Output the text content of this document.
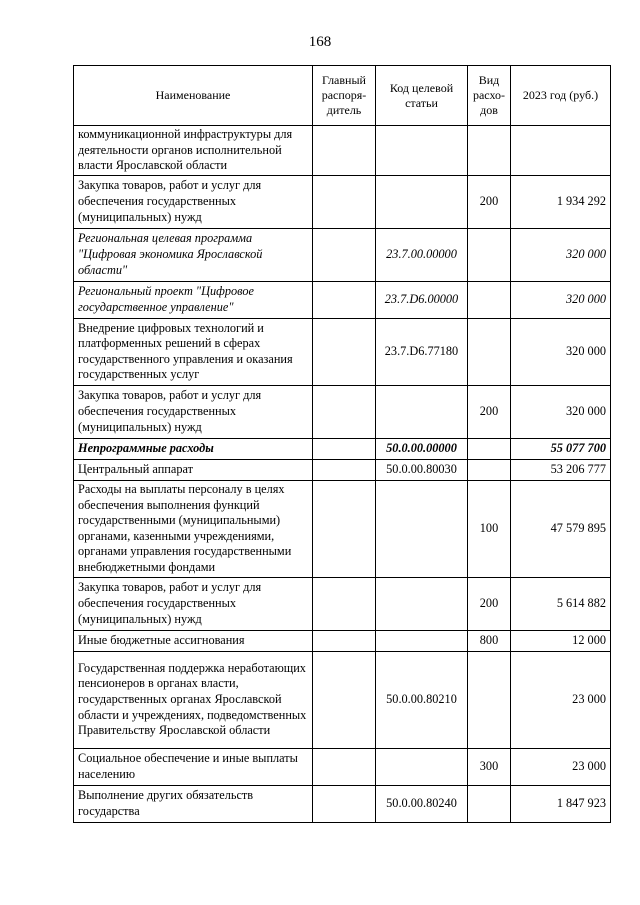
168
Наименование	Главный распоря-дитель	Код целевой статьи	Вид расхо-дов	2023 год (руб.)
коммуникационной инфраструктуры для деятельности органов исполнительной власти Ярославской области				
Закупка товаров, работ и услуг для обеспечения государственных (муниципальных) нужд			200	1 934 292
Региональная целевая программа "Цифровая экономика Ярославской области"		23.7.00.00000		320 000
Региональный проект "Цифровое государственное управление"		23.7.D6.00000		320 000
Внедрение цифровых технологий и платформенных решений в сферах государственного управления и оказания государственных услуг		23.7.D6.77180		320 000
Закупка товаров, работ и услуг для обеспечения государственных (муниципальных) нужд			200	320 000
Непрограммные расходы		50.0.00.00000		55 077 700
Центральный аппарат		50.0.00.80030		53 206 777
Расходы на выплаты персоналу в целях обеспечения выполнения функций государственными (муниципальными) органами, казенными учреждениями, органами управления государственными внебюджетными фондами			100	47 579 895
Закупка товаров, работ и услуг для обеспечения государственных (муниципальных) нужд			200	5 614 882
Иные бюджетные ассигнования			800	12 000
Государственная поддержка неработающих пенсионеров в органах власти, государственных органах Ярославской области и учреждениях, подведомственных Правительству Ярославской области		50.0.00.80210		23 000
Социальное обеспечение и иные выплаты населению			300	23 000
Выполнение других обязательств государства		50.0.00.80240		1 847 923
